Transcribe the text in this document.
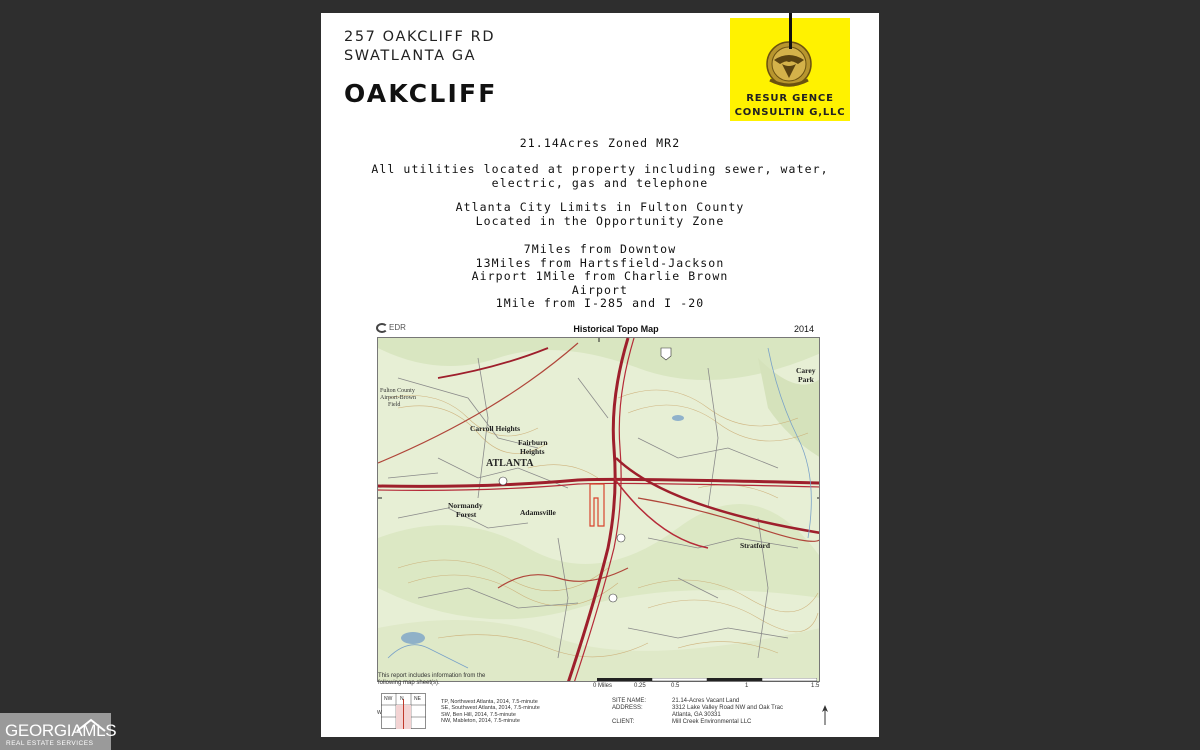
257 OAKCLIFF RD
SWATLANTA GA
OAKCLIFF	RESUR GENCE
CONSULTIN G,LLC
21.14Acres Zoned MR2
All utilities located at property including sewer, water,
electric, gas and telephone
Atlanta City Limits in Fulton County
Located in the Opportunity Zone
7Miles from Downtow
13Miles from Hartsfield-Jackson
Airport 1Mile from Charlie Brown
Airport
1Mile from I-285 and I -20
EDR	Historical Topo Map	2014
ATLANTA
Carroll Heights
Fairburn
Heights
Normandy
Forest	Adamsville
Stratford
Carey
Park
Fulton County
Airport-Brown
Field
This report includes information from the
following map sheet(s).	0 Miles	0.25	0.5	1	1.5
NW N NE
W
TP, Northwest Atlanta, 2014, 7.5-minute
SE, Southwest Atlanta, 2014, 7.5-minute
SW, Ben Hill, 2014, 7.5-minute
NW, Mableton, 2014, 7.5-minute
SITE NAME:	21.14-Acres Vacant Land
ADDRESS:	3312 Lake Valley Road NW and Oak Trac
Atlanta, GA 30331
CLIENT:	Mill Creek Environmental LLC
GEORGIAMLS
REAL ESTATE SERVICES
